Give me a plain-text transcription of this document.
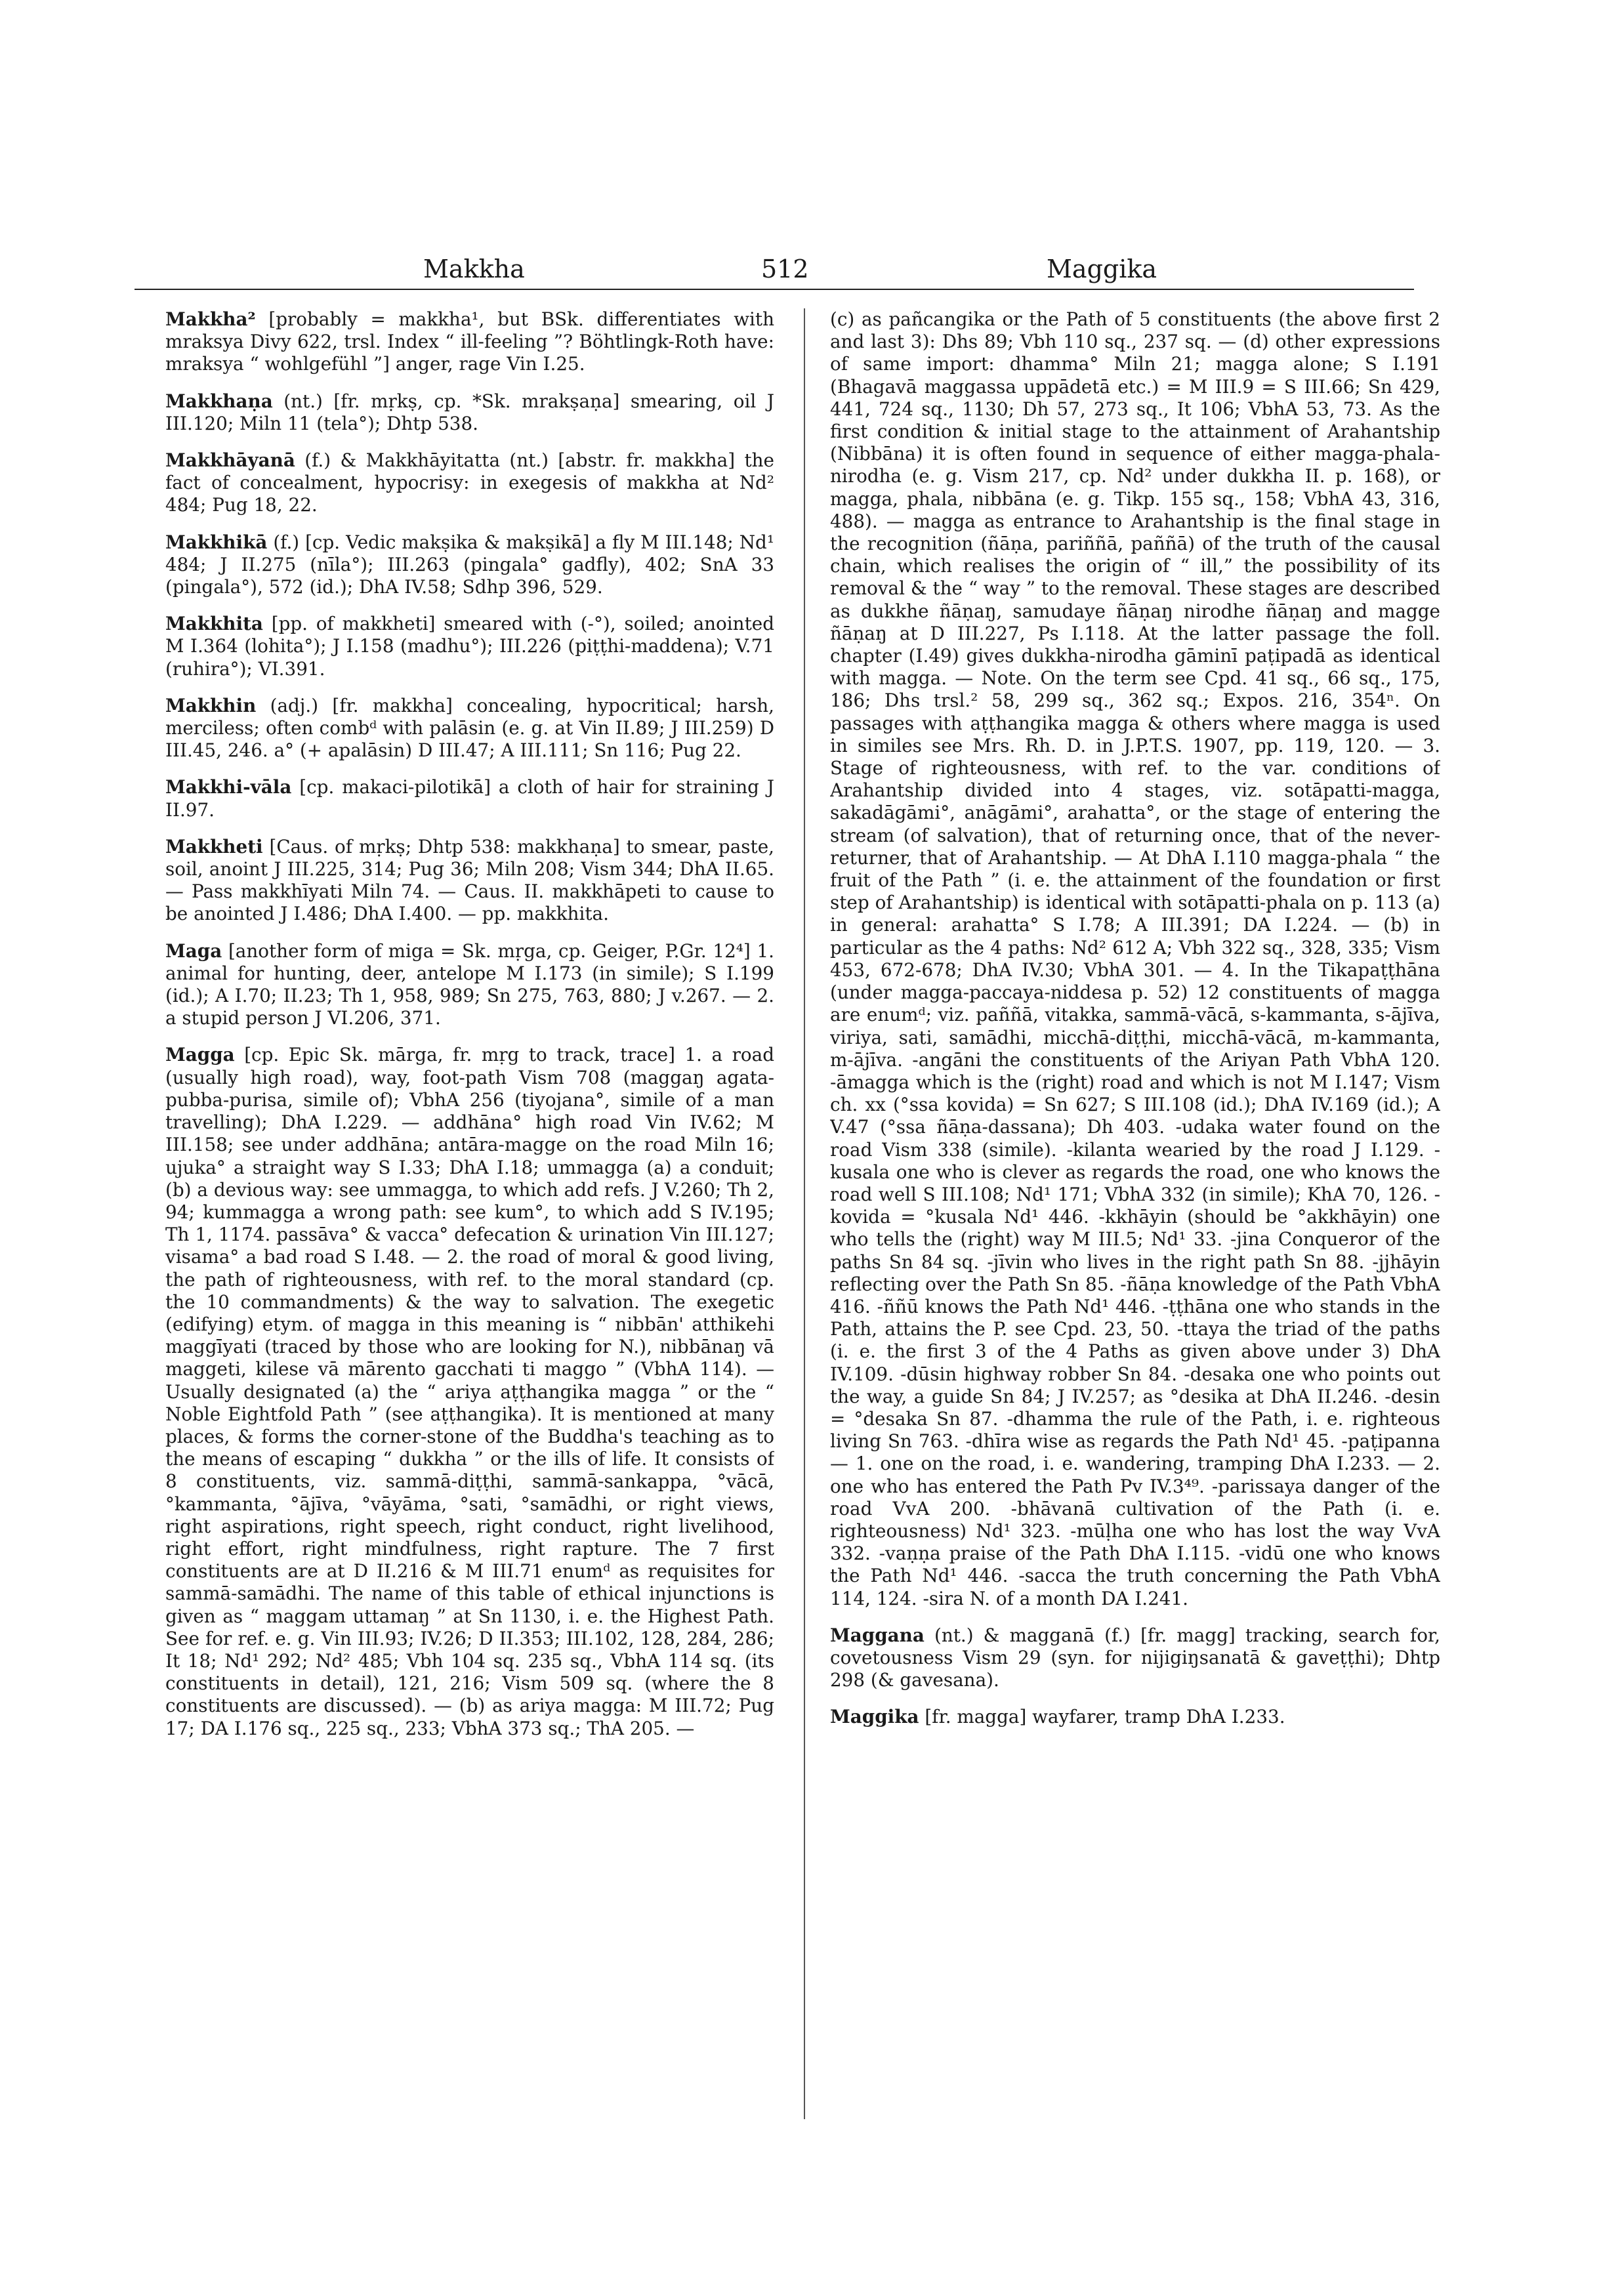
Makkha	512	Maggika

Makkha² [probably = makkha¹, but BSk. differentiates with mraksya Divy 622, trsl. Index “ ill-feeling ”? Böhtlingk-Roth have: mraksya “ wohlgefühl ”] anger, rage Vin I.25.

Makkhaṇa (nt.) [fr. mṛkṣ, cp. *Sk. mrakṣaṇa] smearing, oil J III.120; Miln 11 (tela°); Dhtp 538.

Makkhāyanā (f.) & Makkhāyitatta (nt.) [abstr. fr. makkha] the fact of concealment, hypocrisy: in exegesis of makkha at Nd² 484; Pug 18, 22.

Makkhikā (f.) [cp. Vedic makṣika & makṣikā] a fly M III.148; Nd¹ 484; J II.275 (nīla°); III.263 (pingala° gadfly), 402; SnA 33 (pingala°), 572 (id.); DhA IV.58; Sdhp 396, 529.

Makkhita [pp. of makkheti] smeared with (-°), soiled; anointed M I.364 (lohita°); J I.158 (madhu°); III.226 (piṭṭhi-maddena); V.71 (ruhira°); VI.391.

Makkhin (adj.) [fr. makkha] concealing, hypocritical; harsh, merciless; often combᵈ with palāsin (e. g. at Vin II.89; J III.259) D III.45, 246. a° (+ apalāsin) D III.47; A III.111; Sn 116; Pug 22.

Makkhi-vāla [cp. makaci-pilotikā] a cloth of hair for straining J II.97.

Makkheti [Caus. of mṛkṣ; Dhtp 538: makkhaṇa] to smear, paste, soil, anoint J III.225, 314; Pug 36; Miln 208; Vism 344; DhA II.65. — Pass makkhīyati Miln 74. — Caus. II. makkhāpeti to cause to be anointed J I.486; DhA I.400. — pp. makkhita.

Maga [another form of miga = Sk. mṛga, cp. Geiger, P.Gr. 12⁴] 1. animal for hunting, deer, antelope M I.173 (in simile); S I.199 (id.); A I.70; II.23; Th 1, 958, 989; Sn 275, 763, 880; J v.267. — 2. a stupid person J VI.206, 371.

Magga [cp. Epic Sk. mārga, fr. mṛg to track, trace] 1. a road (usually high road), way, foot-path Vism 708 (maggaŋ agata-pubba-purisa, simile of); VbhA 256 (tiyojana°, simile of a man travelling); DhA I.229. — addhāna° high road Vin IV.62; M III.158; see under addhāna; antāra-magge on the road Miln 16; ujuka° a straight way S I.33; DhA I.18; ummagga (a) a conduit; (b) a devious way: see ummagga, to which add refs. J V.260; Th 2, 94; kummagga a wrong path: see kum°, to which add S IV.195; Th 1, 1174. passāva° & vacca° defecation & urination Vin III.127; visama° a bad road S I.48. — 2. the road of moral & good living, the path of righteousness, with ref. to the moral standard (cp. the 10 commandments) & the way to salvation. The exegetic (edifying) etym. of magga in this meaning is “ nibbān' atthikehi maggīyati (traced by those who are looking for N.), nibbānaŋ vā maggeti, kilese vā mārento gacchati ti maggo ” (VbhA 114). — Usually designated (a) the “ ariya aṭṭhangika magga ” or the “ Noble Eightfold Path ” (see aṭṭhangika). It is mentioned at many places, & forms the corner-stone of the Buddha's teaching as to the means of escaping “ dukkha ” or the ills of life. It consists of 8 constituents, viz. sammā-diṭṭhi, sammā-sankappa, °vācā, °kammanta, °ājīva, °vāyāma, °sati, °samādhi, or right views, right aspirations, right speech, right conduct, right livelihood, right effort, right mindfulness, right rapture. The 7 first constituents are at D II.216 & M III.71 enumᵈ as requisites for sammā-samādhi. The name of this table of ethical injunctions is given as “ maggam uttamaŋ ” at Sn 1130, i. e. the Highest Path. See for ref. e. g. Vin III.93; IV.26; D II.353; III.102, 128, 284, 286; It 18; Nd¹ 292; Nd² 485; Vbh 104 sq. 235 sq., VbhA 114 sq. (its constituents in detail), 121, 216; Vism 509 sq. (where the 8 constituents are discussed). — (b) as ariya magga: M III.72; Pug 17; DA I.176 sq., 225 sq., 233; VbhA 373 sq.; ThA 205. —

(c) as pañcangika or the Path of 5 constituents (the above first 2 and last 3): Dhs 89; Vbh 110 sq., 237 sq. — (d) other expressions of same import: dhamma° Miln 21; magga alone; S I.191 (Bhagavā maggassa uppādetā etc.) = M III.9 = S III.66; Sn 429, 441, 724 sq., 1130; Dh 57, 273 sq., It 106; VbhA 53, 73. As the first condition & initial stage to the attainment of Arahantship (Nibbāna) it is often found in sequence of either magga-phala-nirodha (e. g. Vism 217, cp. Nd² under dukkha II. p. 168), or magga, phala, nibbāna (e. g. Tikp. 155 sq., 158; VbhA 43, 316, 488). — magga as entrance to Arahantship is the final stage in the recognition (ñāṇa, pariññā, paññā) of the truth of the causal chain, which realises the origin of “ ill,” the possibility of its removal & the “ way ” to the removal. These stages are described as dukkhe ñāṇaŋ, samudaye ñāṇaŋ nirodhe ñāṇaŋ and magge ñāṇaŋ at D III.227, Ps I.118. At the latter passage the foll. chapter (I.49) gives dukkha-nirodha gāminī paṭipadā as identical with magga. — Note. On the term see Cpd. 41 sq., 66 sq., 175, 186; Dhs trsl.² 58, 299 sq., 362 sq.; Expos. 216, 354ⁿ. On passages with aṭṭhangika magga & others where magga is used in similes see Mrs. Rh. D. in J.P.T.S. 1907, pp. 119, 120. — 3. Stage of righteousness, with ref. to the var. conditions of Arahantship divided into 4 stages, viz. sotāpatti-magga, sakadāgāmi°, anāgāmi°, arahatta°, or the stage of entering the stream (of salvation), that of returning once, that of the never-returner, that of Arahantship. — At DhA I.110 magga-phala “ the fruit of the Path ” (i. e. the attainment of the foundation or first step of Arahantship) is identical with sotāpatti-phala on p. 113 (a) in general: arahatta° S I.78; A III.391; DA I.224. — (b) in particular as the 4 paths: Nd² 612 A; Vbh 322 sq., 328, 335; Vism 453, 672-678; DhA IV.30; VbhA 301. — 4. In the Tikapaṭṭhāna (under magga-paccaya-niddesa p. 52) 12 constituents of magga are enumᵈ; viz. paññā, vitakka, sammā-vācā, s-kammanta, s-ājīva, viriya, sati, samādhi, micchā-diṭṭhi, micchā-vācā, m-kammanta, m-ājīva. -angāni the constituents of the Ariyan Path VbhA 120. -āmagga which is the (right) road and which is not M I.147; Vism ch. xx (°ssa kovida) = Sn 627; S III.108 (id.); DhA IV.169 (id.); A V.47 (°ssa ñāṇa-dassana); Dh 403. -udaka water found on the road Vism 338 (simile). -kilanta wearied by the road J I.129. -kusala one who is clever as regards the road, one who knows the road well S III.108; Nd¹ 171; VbhA 332 (in simile); KhA 70, 126. -kovida = °kusala Nd¹ 446. -kkhāyin (should be °akkhāyin) one who tells the (right) way M III.5; Nd¹ 33. -jina Conqueror of the paths Sn 84 sq. -jīvin who lives in the right path Sn 88. -jjhāyin reflecting over the Path Sn 85. -ñāṇa knowledge of the Path VbhA 416. -ññū knows the Path Nd¹ 446. -ṭṭhāna one who stands in the Path, attains the P. see Cpd. 23, 50. -ttaya the triad of the paths (i. e. the first 3 of the 4 Paths as given above under 3) DhA IV.109. -dūsin highway robber Sn 84. -desaka one who points out the way, a guide Sn 84; J IV.257; as °desika at DhA II.246. -desin = °desaka Sn 87. -dhamma the rule of the Path, i. e. righteous living Sn 763. -dhīra wise as regards the Path Nd¹ 45. -paṭipanna — 1. one on the road, i. e. wandering, tramping DhA I.233. — 2. one who has entered the Path Pv IV.3⁴⁹. -parissaya danger of the road VvA 200. -bhāvanā cultivation of the Path (i. e. righteousness) Nd¹ 323. -mūḷha one who has lost the way VvA 332. -vaṇṇa praise of the Path DhA I.115. -vidū one who knows the Path Nd¹ 446. -sacca the truth concerning the Path VbhA 114, 124. -sira N. of a month DA I.241.

Maggana (nt.) & magganā (f.) [fr. magg] tracking, search for, covetousness Vism 29 (syn. for nijigiŋsanatā & gaveṭṭhi); Dhtp 298 (& gavesana).

Maggika [fr. magga] wayfarer, tramp DhA I.233.
